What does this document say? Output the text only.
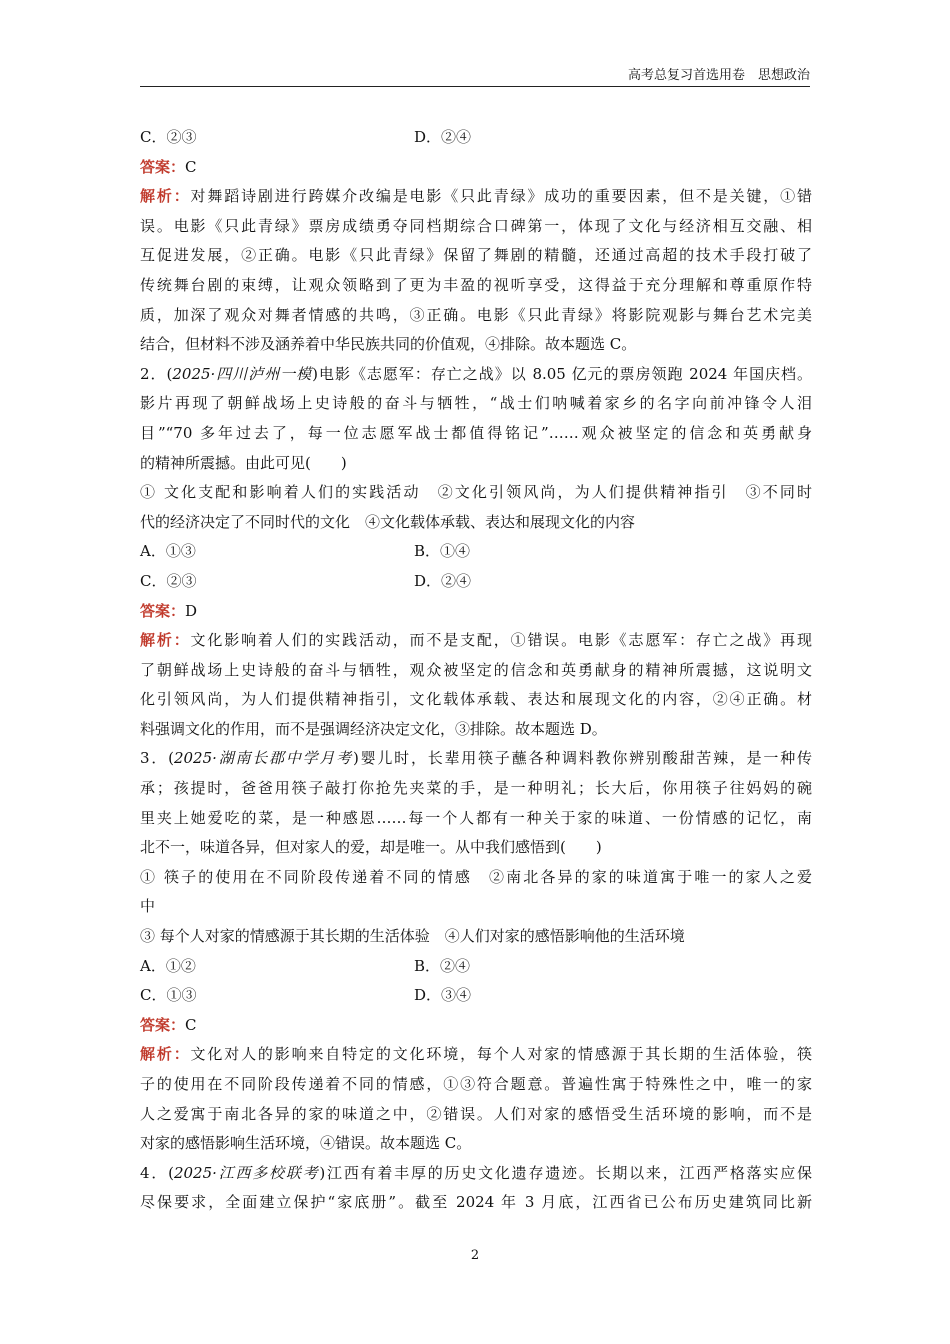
高考总复习首选用卷　思想政治
C．②③	D．②④
答案：C
解析：对舞蹈诗剧进行跨媒介改编是电影《只此青绿》成功的重要因素，但不是关键，①错
误。电影《只此青绿》票房成绩勇夺同档期综合口碑第一，体现了文化与经济相互交融、相
互促进发展，②正确。电影《只此青绿》保留了舞剧的精髓，还通过高超的技术手段打破了
传统舞台剧的束缚，让观众领略到了更为丰盈的视听享受，这得益于充分理解和尊重原作特
质，加深了观众对舞者情感的共鸣，③正确。电影《只此青绿》将影院观影与舞台艺术完美
结合，但材料不涉及涵养着中华民族共同的价值观，④排除。故本题选 C。
2．(2025·四川泸州一模)电影《志愿军：存亡之战》以 8.05 亿元的票房领跑 2024 年国庆档。
影片再现了朝鲜战场上史诗般的奋斗与牺牲，“战士们呐喊着家乡的名字向前冲锋令人泪
目”“70 多年过去了，每一位志愿军战士都值得铭记”……观众被坚定的信念和英勇献身
的精神所震撼。由此可见(　　)
① 文化支配和影响着人们的实践活动　②文化引领风尚，为人们提供精神指引　③不同时
代的经济决定了不同时代的文化　④文化载体承载、表达和展现文化的内容
A．①③	B．①④
C．②③	D．②④
答案：D
解析：文化影响着人们的实践活动，而不是支配，①错误。电影《志愿军：存亡之战》再现
了朝鲜战场上史诗般的奋斗与牺牲，观众被坚定的信念和英勇献身的精神所震撼，这说明文
化引领风尚，为人们提供精神指引，文化载体承载、表达和展现文化的内容，②④正确。材
料强调文化的作用，而不是强调经济决定文化，③排除。故本题选 D。
3．(2025·湖南长郡中学月考)婴儿时，长辈用筷子蘸各种调料教你辨别酸甜苦辣，是一种传
承；孩提时，爸爸用筷子敲打你抢先夹菜的手，是一种明礼；长大后，你用筷子往妈妈的碗
里夹上她爱吃的菜，是一种感恩……每一个人都有一种关于家的味道、一份情感的记忆，南
北不一，味道各异，但对家人的爱，却是唯一。从中我们感悟到(　　)
① 筷子的使用在不同阶段传递着不同的情感　②南北各异的家的味道寓于唯一的家人之爱
中
③ 每个人对家的情感源于其长期的生活体验　④人们对家的感悟影响他的生活环境
A．①②	B．②④
C．①③	D．③④
答案：C
解析：文化对人的影响来自特定的文化环境，每个人对家的情感源于其长期的生活体验，筷
子的使用在不同阶段传递着不同的情感，①③符合题意。普遍性寓于特殊性之中，唯一的家
人之爱寓于南北各异的家的味道之中，②错误。人们对家的感悟受生活环境的影响，而不是
对家的感悟影响生活环境，④错误。故本题选 C。
4．(2025·江西多校联考)江西有着丰厚的历史文化遗存遗迹。长期以来，江西严格落实应保
尽保要求，全面建立保护“家底册”。截至 2024 年 3 月底，江西省已公布历史建筑同比新
2
